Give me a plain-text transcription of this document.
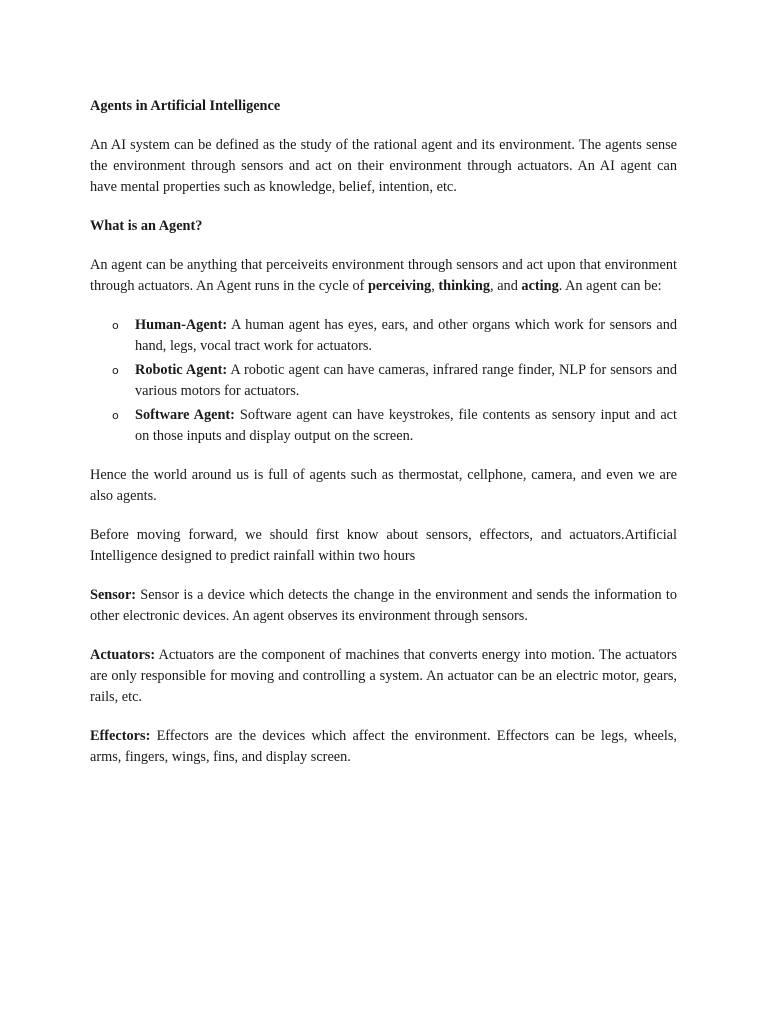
Agents in Artificial Intelligence

An AI system can be defined as the study of the rational agent and its environment. The agents sense the environment through sensors and act on their environment through actuators. An AI agent can have mental properties such as knowledge, belief, intention, etc.

What is an Agent?

An agent can be anything that perceiveits environment through sensors and act upon that environment through actuators. An Agent runs in the cycle of perceiving, thinking, and acting. An agent can be:

o Human-Agent: A human agent has eyes, ears, and other organs which work for sensors and hand, legs, vocal tract work for actuators.
o Robotic Agent: A robotic agent can have cameras, infrared range finder, NLP for sensors and various motors for actuators.
o Software Agent: Software agent can have keystrokes, file contents as sensory input and act on those inputs and display output on the screen.

Hence the world around us is full of agents such as thermostat, cellphone, camera, and even we are also agents.

Before moving forward, we should first know about sensors, effectors, and actuators.Artificial Intelligence designed to predict rainfall within two hours

Sensor: Sensor is a device which detects the change in the environment and sends the information to other electronic devices. An agent observes its environment through sensors.

Actuators: Actuators are the component of machines that converts energy into motion. The actuators are only responsible for moving and controlling a system. An actuator can be an electric motor, gears, rails, etc.

Effectors: Effectors are the devices which affect the environment. Effectors can be legs, wheels, arms, fingers, wings, fins, and display screen.
